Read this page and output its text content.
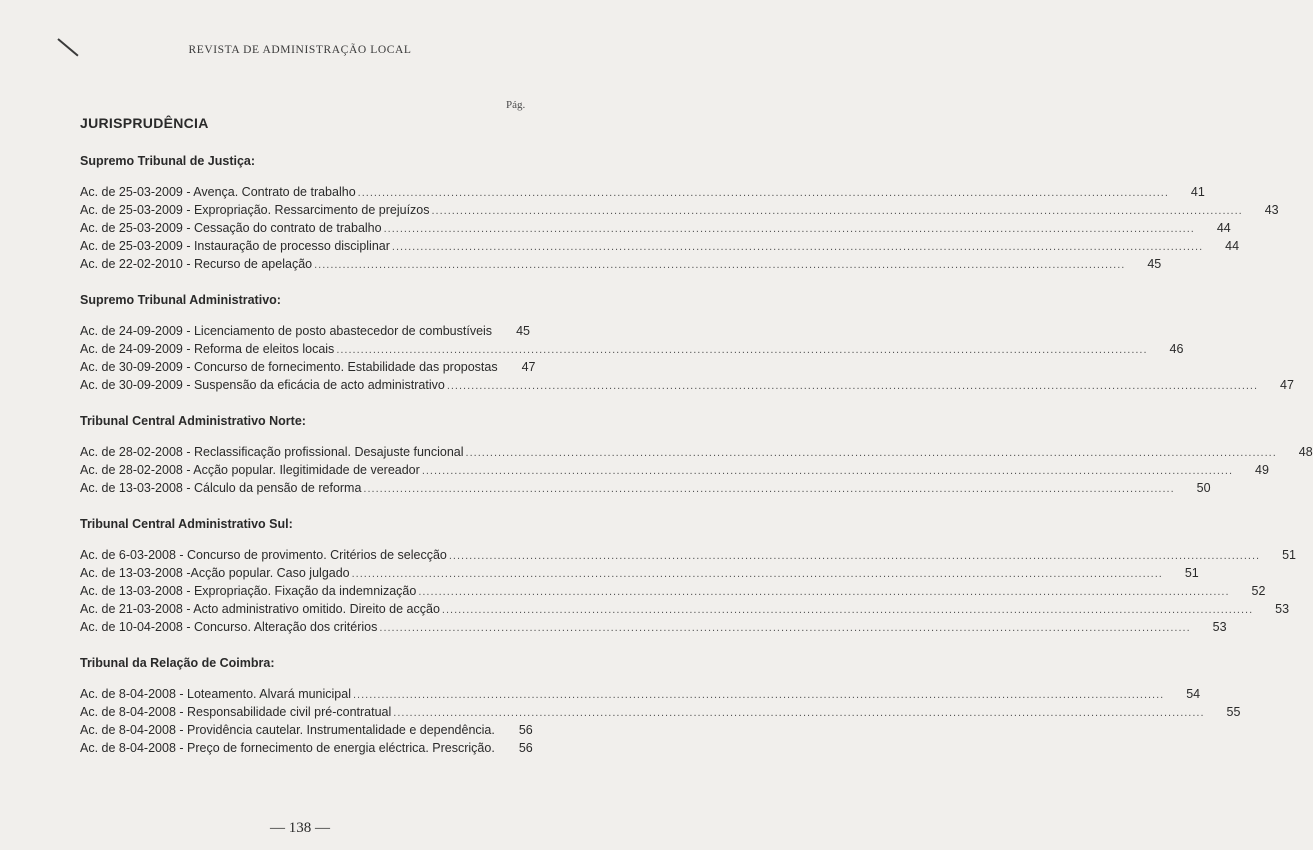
REVISTA DE ADMINISTRAÇÃO LOCAL
Pág.
JURISPRUDÊNCIA
Supremo Tribunal de Justiça:
Ac. de 25-03-2009 - Avença. Contrato de trabalho ........................................................................................................................................................................................................	41
Ac. de 25-03-2009 - Expropriação. Ressarcimento de prejuízos ........................................................................................................................................................................................................	43
Ac. de 25-03-2009 - Cessação do contrato de trabalho ........................................................................................................................................................................................................	44
Ac. de 25-03-2009 - Instauração de processo disciplinar ........................................................................................................................................................................................................	44
Ac. de 22-02-2010 - Recurso de apelação ........................................................................................................................................................................................................	45
Supremo Tribunal Administrativo:
Ac. de 24-09-2009 - Licenciamento de posto abastecedor de combustíveis	45
Ac. de 24-09-2009 - Reforma de eleitos locais ........................................................................................................................................................................................................	46
Ac. de 30-09-2009 - Concurso de fornecimento. Estabilidade das propostas	47
Ac. de 30-09-2009 - Suspensão da eficácia de acto administrativo ........................................................................................................................................................................................................	47
Tribunal Central Administrativo Norte:
Ac. de 28-02-2008 - Reclassificação profissional. Desajuste funcional ........................................................................................................................................................................................................	48
Ac. de 28-02-2008 - Acção popular. Ilegitimidade de vereador ........................................................................................................................................................................................................	49
Ac. de 13-03-2008 - Cálculo da pensão de reforma ........................................................................................................................................................................................................	50
Tribunal Central Administrativo Sul:
Ac. de 6-03-2008 - Concurso de provimento. Critérios de selecção ........................................................................................................................................................................................................	51
Ac. de 13-03-2008 -Acção popular. Caso julgado ........................................................................................................................................................................................................	51
Ac. de 13-03-2008 - Expropriação. Fixação da indemnização ........................................................................................................................................................................................................	52
Ac. de 21-03-2008 - Acto administrativo omitido. Direito de acção ........................................................................................................................................................................................................	53
Ac. de 10-04-2008 - Concurso. Alteração dos critérios ........................................................................................................................................................................................................	53
Tribunal da Relação de Coimbra:
Ac. de 8-04-2008 - Loteamento. Alvará municipal ........................................................................................................................................................................................................	54
Ac. de 8-04-2008 - Responsabilidade civil pré-contratual ........................................................................................................................................................................................................	55
Ac. de 8-04-2008 - Providência cautelar. Instrumentalidade e dependência.	56
Ac. de 8-04-2008 - Preço de fornecimento de energia eléctrica. Prescrição.	56
— 138 —
